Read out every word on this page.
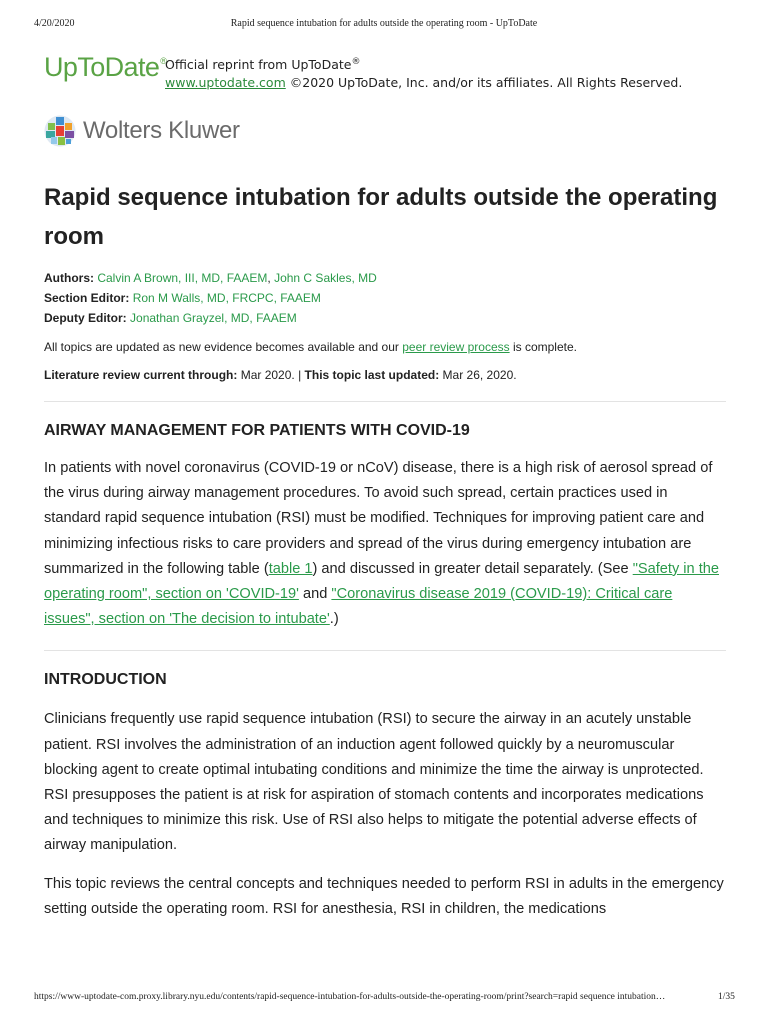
4/20/2020	Rapid sequence intubation for adults outside the operating room - UpToDate
UpToDate®
Official reprint from UpToDate®
www.uptodate.com ©2020 UpToDate, Inc. and/or its affiliates. All Rights Reserved.
Wolters Kluwer
Rapid sequence intubation for adults outside the operating room
Authors: Calvin A Brown, III, MD, FAAEM, John C Sakles, MD
Section Editor: Ron M Walls, MD, FRCPC, FAAEM
Deputy Editor: Jonathan Grayzel, MD, FAAEM
All topics are updated as new evidence becomes available and our peer review process is complete.
Literature review current through: Mar 2020. | This topic last updated: Mar 26, 2020.
AIRWAY MANAGEMENT FOR PATIENTS WITH COVID-19

In patients with novel coronavirus (COVID-19 or nCoV) disease, there is a high risk of aerosol spread of the virus during airway management procedures. To avoid such spread, certain practices used in standard rapid sequence intubation (RSI) must be modified. Techniques for improving patient care and minimizing infectious risks to care providers and spread of the virus during emergency intubation are summarized in the following table (table 1) and discussed in greater detail separately. (See "Safety in the operating room", section on 'COVID-19' and "Coronavirus disease 2019 (COVID-19): Critical care issues", section on 'The decision to intubate'.)

INTRODUCTION

Clinicians frequently use rapid sequence intubation (RSI) to secure the airway in an acutely unstable patient. RSI involves the administration of an induction agent followed quickly by a neuromuscular blocking agent to create optimal intubating conditions and minimize the time the airway is unprotected. RSI presupposes the patient is at risk for aspiration of stomach contents and incorporates medications and techniques to minimize this risk. Use of RSI also helps to mitigate the potential adverse effects of airway manipulation.

This topic reviews the central concepts and techniques needed to perform RSI in adults in the emergency setting outside the operating room. RSI for anesthesia, RSI in children, the medications

https://www-uptodate-com.proxy.library.nyu.edu/contents/rapid-sequence-intubation-for-adults-outside-the-operating-room/print?search=rapid sequence intubation…	1/35
